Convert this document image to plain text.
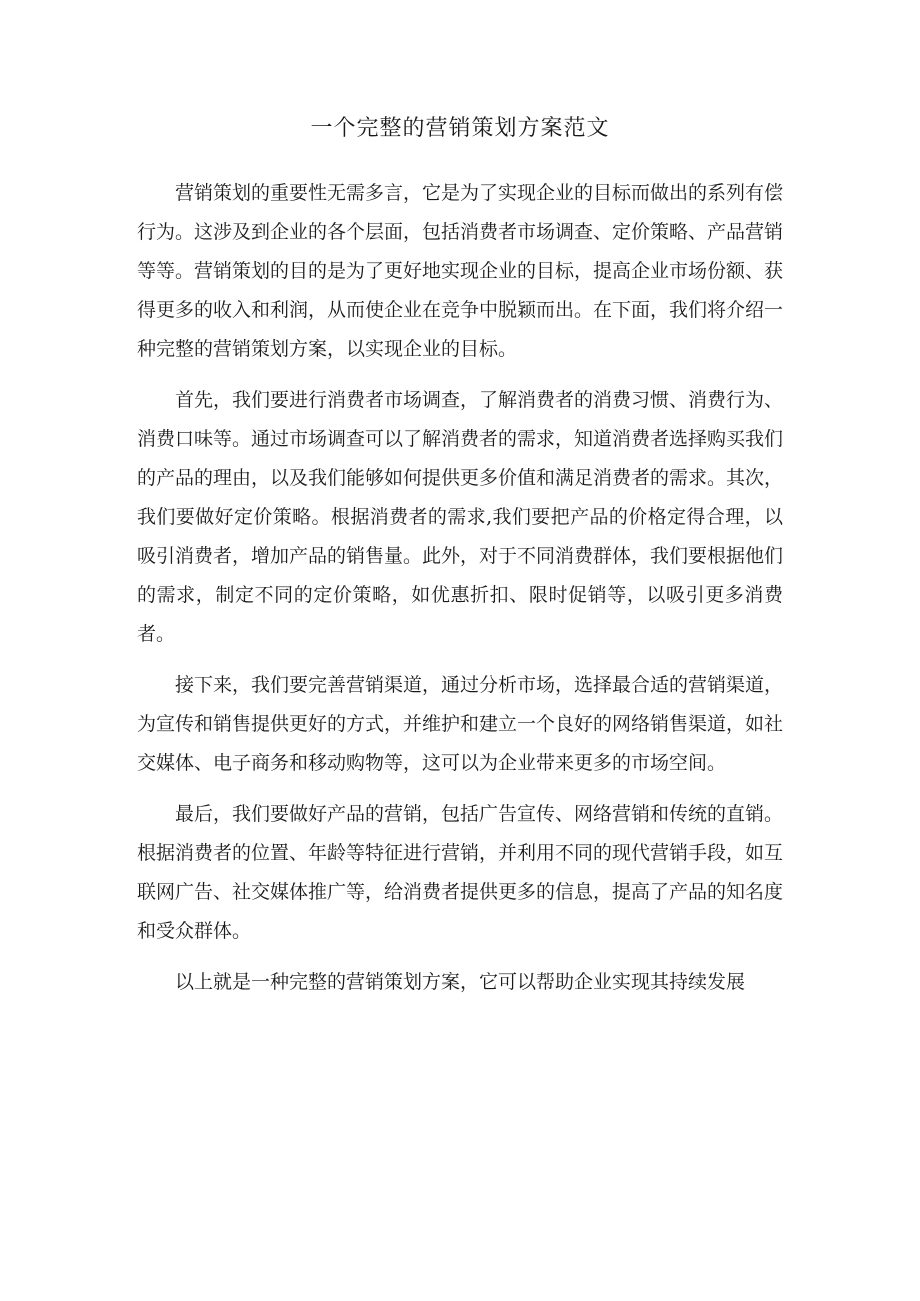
一个完整的营销策划方案范文

营销策划的重要性无需多言，它是为了实现企业的目标而做出的系列有偿行为。这涉及到企业的各个层面，包括消费者市场调查、定价策略、产品营销等等。营销策划的目的是为了更好地实现企业的目标，提高企业市场份额、获得更多的收入和利润，从而使企业在竞争中脱颖而出。在下面，我们将介绍一种完整的营销策划方案，以实现企业的目标。

首先，我们要进行消费者市场调查，了解消费者的消费习惯、消费行为、消费口味等。通过市场调查可以了解消费者的需求，知道消费者选择购买我们的产品的理由，以及我们能够如何提供更多价值和满足消费者的需求。其次，我们要做好定价策略。根据消费者的需求,我们要把产品的价格定得合理，以吸引消费者，增加产品的销售量。此外，对于不同消费群体，我们要根据他们的需求，制定不同的定价策略，如优惠折扣、限时促销等，以吸引更多消费者。

接下来，我们要完善营销渠道，通过分析市场，选择最合适的营销渠道，为宣传和销售提供更好的方式，并维护和建立一个良好的网络销售渠道，如社交媒体、电子商务和移动购物等，这可以为企业带来更多的市场空间。

最后，我们要做好产品的营销，包括广告宣传、网络营销和传统的直销。根据消费者的位置、年龄等特征进行营销，并利用不同的现代营销手段，如互联网广告、社交媒体推广等，给消费者提供更多的信息，提高了产品的知名度和受众群体。

以上就是一种完整的营销策划方案，它可以帮助企业实现其持续发展
